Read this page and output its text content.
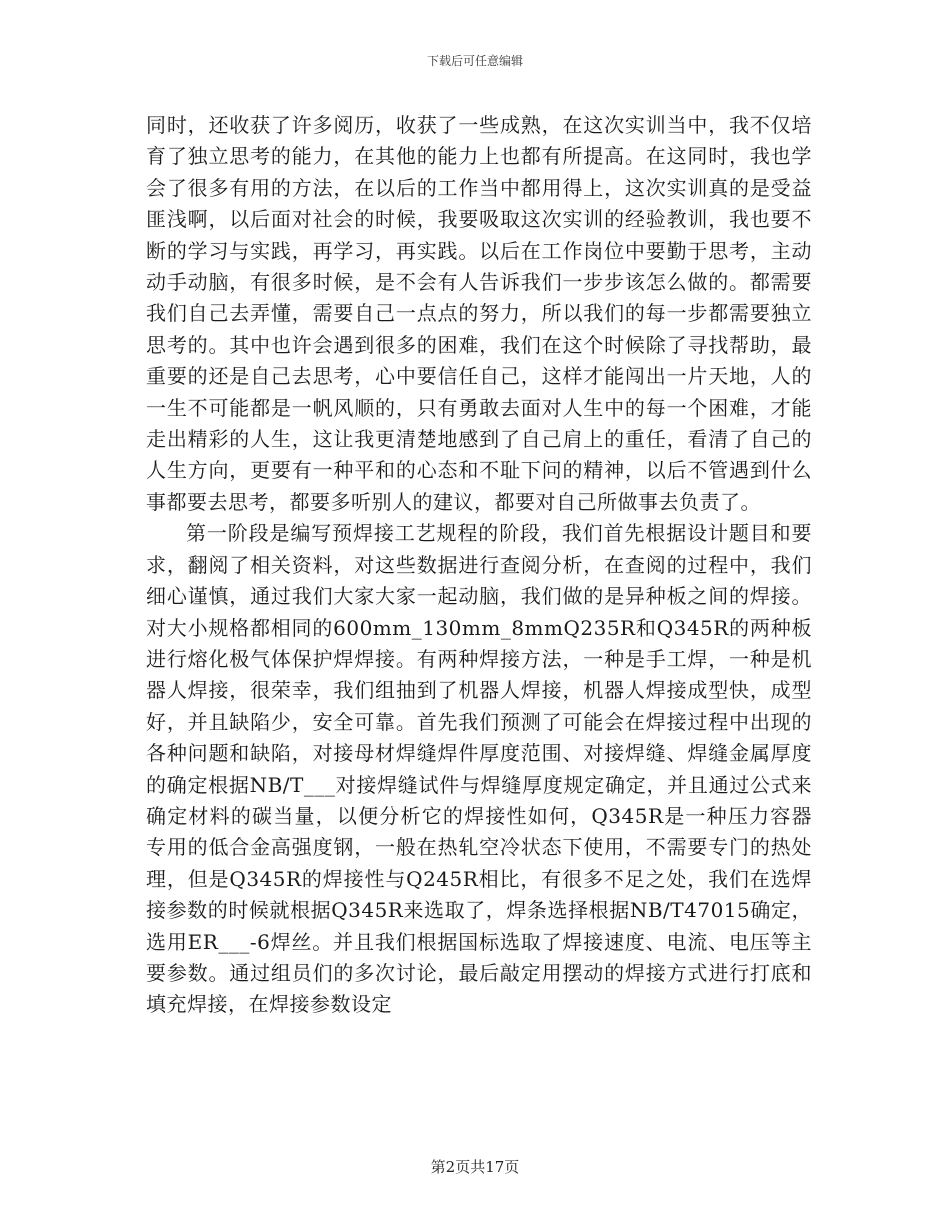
下载后可任意编辑

同时，还收获了许多阅历，收获了一些成熟，在这次实训当中，我不仅培育了独立思考的能力，在其他的能力上也都有所提高。在这同时，我也学会了很多有用的方法，在以后的工作当中都用得上，这次实训真的是受益匪浅啊，以后面对社会的时候，我要吸取这次实训的经验教训，我也要不断的学习与实践，再学习，再实践。以后在工作岗位中要勤于思考，主动动手动脑，有很多时候，是不会有人告诉我们一步步该怎么做的。都需要我们自己去弄懂，需要自己一点点的努力，所以我们的每一步都需要独立思考的。其中也许会遇到很多的困难，我们在这个时候除了寻找帮助，最重要的还是自己去思考，心中要信任自己，这样才能闯出一片天地，人的一生不可能都是一帆风顺的，只有勇敢去面对人生中的每一个困难，才能走出精彩的人生，这让我更清楚地感到了自己肩上的重任，看清了自己的人生方向，更要有一种平和的心态和不耻下问的精神，以后不管遇到什么事都要去思考，都要多听别人的建议，都要对自己所做事去负责了。

第一阶段是编写预焊接工艺规程的阶段，我们首先根据设计题目和要求，翻阅了相关资料，对这些数据进行查阅分析，在查阅的过程中，我们细心谨慎，通过我们大家大家一起动脑，我们做的是异种板之间的焊接。对大小规格都相同的600mm_130mm_8mmQ235R和Q345R的两种板进行熔化极气体保护焊焊接。有两种焊接方法，一种是手工焊，一种是机器人焊接，很荣幸，我们组抽到了机器人焊接，机器人焊接成型快，成型好，并且缺陷少，安全可靠。首先我们预测了可能会在焊接过程中出现的各种问题和缺陷，对接母材焊缝焊件厚度范围、对接焊缝、焊缝金属厚度的确定根据NB/T___对接焊缝试件与焊缝厚度规定确定，并且通过公式来确定材料的碳当量，以便分析它的焊接性如何，Q345R是一种压力容器专用的低合金高强度钢，一般在热轧空冷状态下使用，不需要专门的热处理，但是Q345R的焊接性与Q245R相比，有很多不足之处，我们在选焊接参数的时候就根据Q345R来选取了，焊条选择根据NB/T47015确定，选用ER___-6焊丝。并且我们根据国标选取了焊接速度、电流、电压等主要参数。通过组员们的多次讨论，最后敲定用摆动的焊接方式进行打底和填充焊接，在焊接参数设定

第2页共17页
